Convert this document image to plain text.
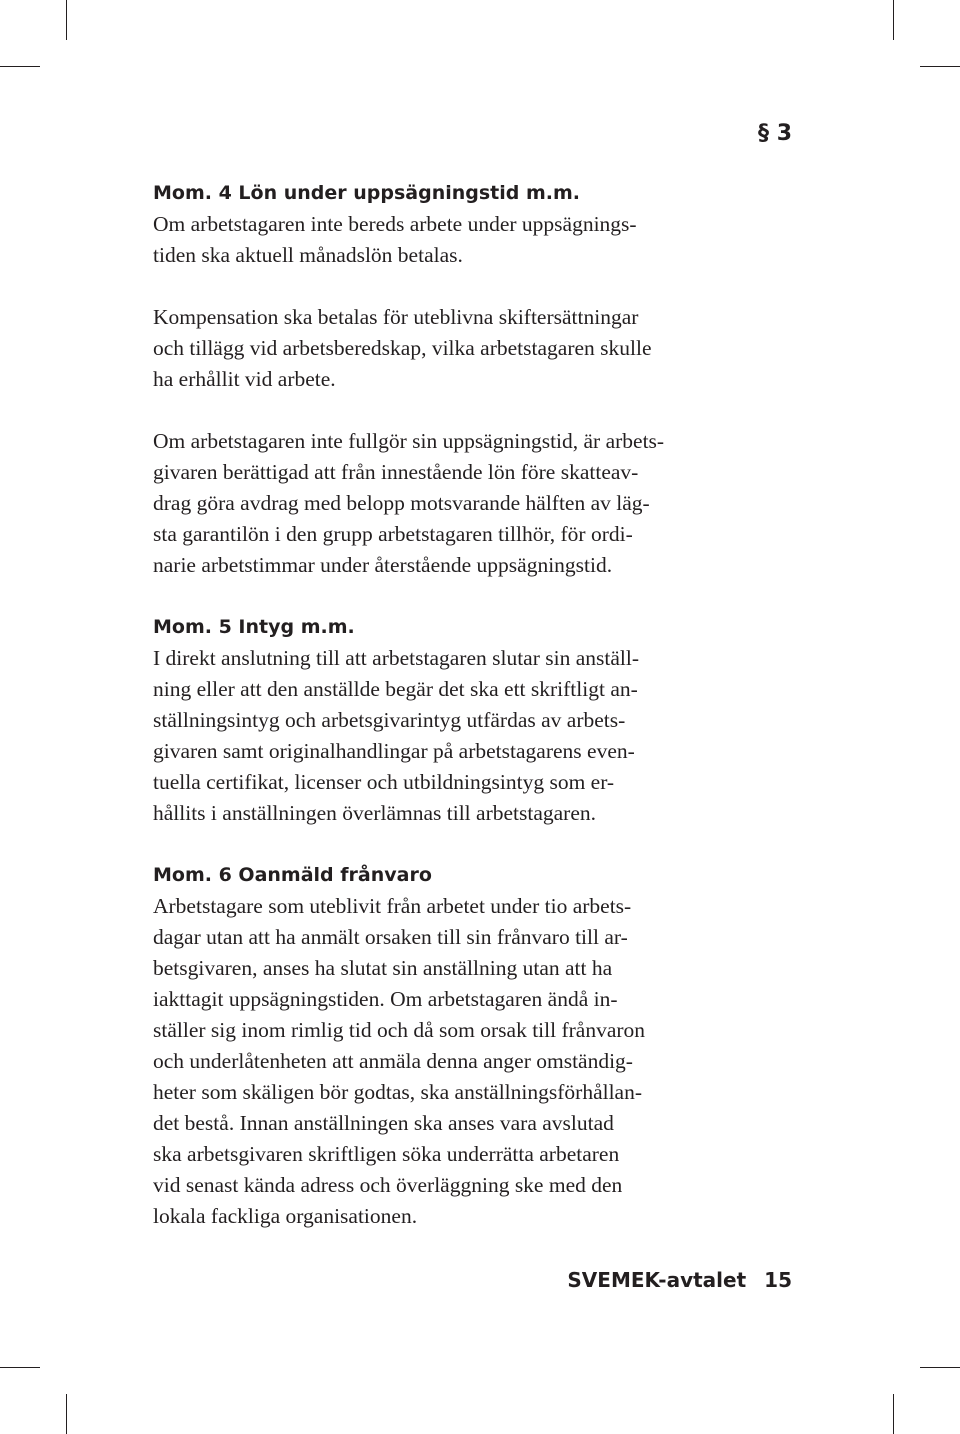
§ 3
Mom. 4 Lön under uppsägningstid m.m.

Om arbetstagaren inte bereds arbete under uppsägnings-
tiden ska aktuell månadslön betalas.

Kompensation ska betalas för uteblivna skiftersättningar
och tillägg vid arbetsberedskap, vilka arbetstagaren skulle
ha erhållit vid arbete.

Om arbetstagaren inte fullgör sin uppsägningstid, är arbets-
givaren berättigad att från innestående lön före skatteav-
drag göra avdrag med belopp motsvarande hälften av läg-
sta garantilön i den grupp arbetstagaren tillhör, för ordi-
narie arbetstimmar under återstående uppsägningstid.

Mom. 5 Intyg m.m.

I direkt anslutning till att arbetstagaren slutar sin anställ-
ning eller att den anställde begär det ska ett skriftligt an-
ställningsintyg och arbetsgivarintyg utfärdas av arbets-
givaren samt originalhandlingar på arbetstagarens even-
tuella certifikat, licenser och utbildningsintyg som er-
hållits i anställningen överlämnas till arbetstagaren.

Mom. 6 Oanmäld frånvaro

Arbetstagare som uteblivit från arbetet under tio arbets-
dagar utan att ha anmält orsaken till sin frånvaro till ar-
betsgivaren, anses ha slutat sin anställning utan att ha
iakttagit uppsägningstiden. Om arbetstagaren ändå in-
ställer sig inom rimlig tid och då som orsak till frånvaron
och underlåtenheten att anmäla denna anger omständig-
heter som skäligen bör godtas, ska anställningsförhållan-
det bestå. Innan anställningen ska anses vara avslutad
ska arbetsgivaren skriftligen söka underrätta arbetaren
vid senast kända adress och överläggning ske med den
lokala fackliga organisationen.

SVEMEK-avtalet 15
